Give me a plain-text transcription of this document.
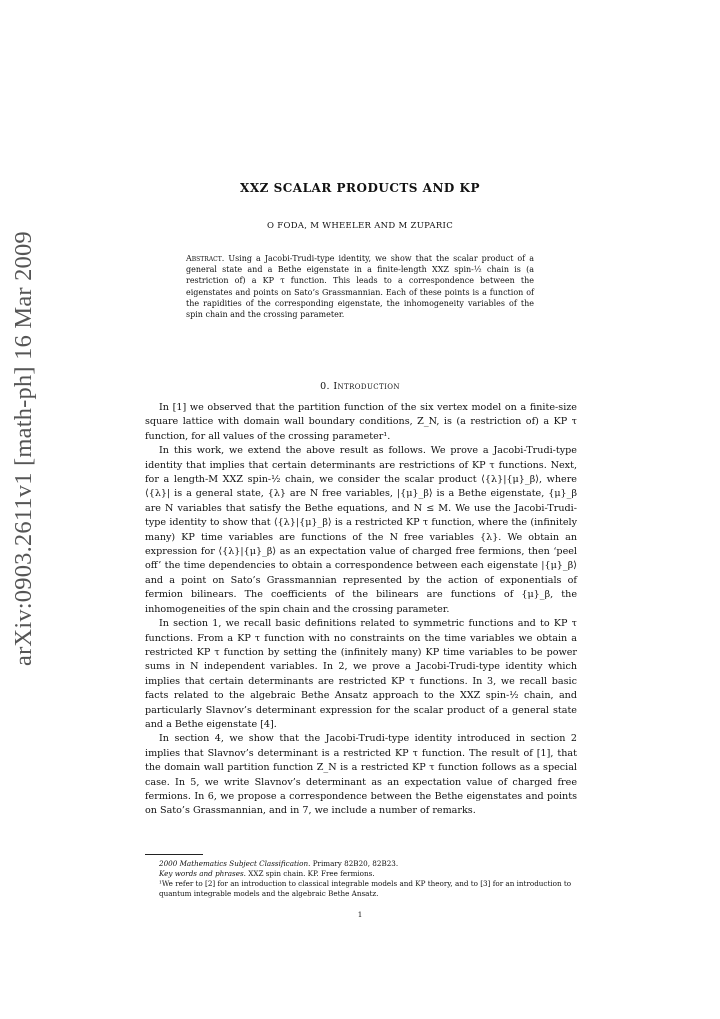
arXiv:0903.2611v1 [math-ph] 16 Mar 2009
XXZ SCALAR PRODUCTS AND KP
O FODA, M WHEELER AND M ZUPARIC
Abstract. Using a Jacobi-Trudi-type identity, we show that the scalar product of a general state and a Bethe eigenstate in a finite-length XXZ spin-½ chain is (a restriction of) a KP τ function. This leads to a correspondence between the eigenstates and points on Sato’s Grassmannian. Each of these points is a function of the rapidities of the corresponding eigenstate, the inhomogeneity variables of the spin chain and the crossing parameter.
0. Introduction

In [1] we observed that the partition function of the six vertex model on a finite-size square lattice with domain wall boundary conditions, Z_N, is (a restriction of) a KP τ function, for all values of the crossing parameter¹.

In this work, we extend the above result as follows. We prove a Jacobi-Trudi-type identity that implies that certain determinants are restrictions of KP τ functions. Next, for a length-M XXZ spin-½ chain, we consider the scalar product ⟨{λ}|{μ}_β⟩, where ⟨{λ}| is a general state, {λ} are N free variables, |{μ}_β⟩ is a Bethe eigenstate, {μ}_β are N variables that satisfy the Bethe equations, and N ≤ M. We use the Jacobi-Trudi-type identity to show that ⟨{λ}|{μ}_β⟩ is a restricted KP τ function, where the (infinitely many) KP time variables are functions of the N free variables {λ}. We obtain an expression for ⟨{λ}|{μ}_β⟩ as an expectation value of charged free fermions, then ‘peel off’ the time dependencies to obtain a correspondence between each eigenstate |{μ}_β⟩ and a point on Sato’s Grassmannian represented by the action of exponentials of fermion bilinears. The coefficients of the bilinears are functions of {μ}_β, the inhomogeneities of the spin chain and the crossing parameter.

In section 1, we recall basic definitions related to symmetric functions and to KP τ functions. From a KP τ function with no constraints on the time variables we obtain a restricted KP τ function by setting the (infinitely many) KP time variables to be power sums in N independent variables. In 2, we prove a Jacobi-Trudi-type identity which implies that certain determinants are restricted KP τ functions. In 3, we recall basic facts related to the algebraic Bethe Ansatz approach to the XXZ spin-½ chain, and particularly Slavnov’s determinant expression for the scalar product of a general state and a Bethe eigenstate [4].

In section 4, we show that the Jacobi-Trudi-type identity introduced in section 2 implies that Slavnov’s determinant is a restricted KP τ function. The result of [1], that the domain wall partition function Z_N is a restricted KP τ function follows as a special case. In 5, we write Slavnov’s determinant as an expectation value of charged free fermions. In 6, we propose a correspondence between the Bethe eigenstates and points on Sato’s Grassmannian, and in 7, we include a number of remarks.

2000 Mathematics Subject Classification. Primary 82B20, 82B23.

Key words and phrases. XXZ spin chain. KP. Free fermions.

¹We refer to [2] for an introduction to classical integrable models and KP theory, and to [3] for an introduction to quantum integrable models and the algebraic Bethe Ansatz.

1
